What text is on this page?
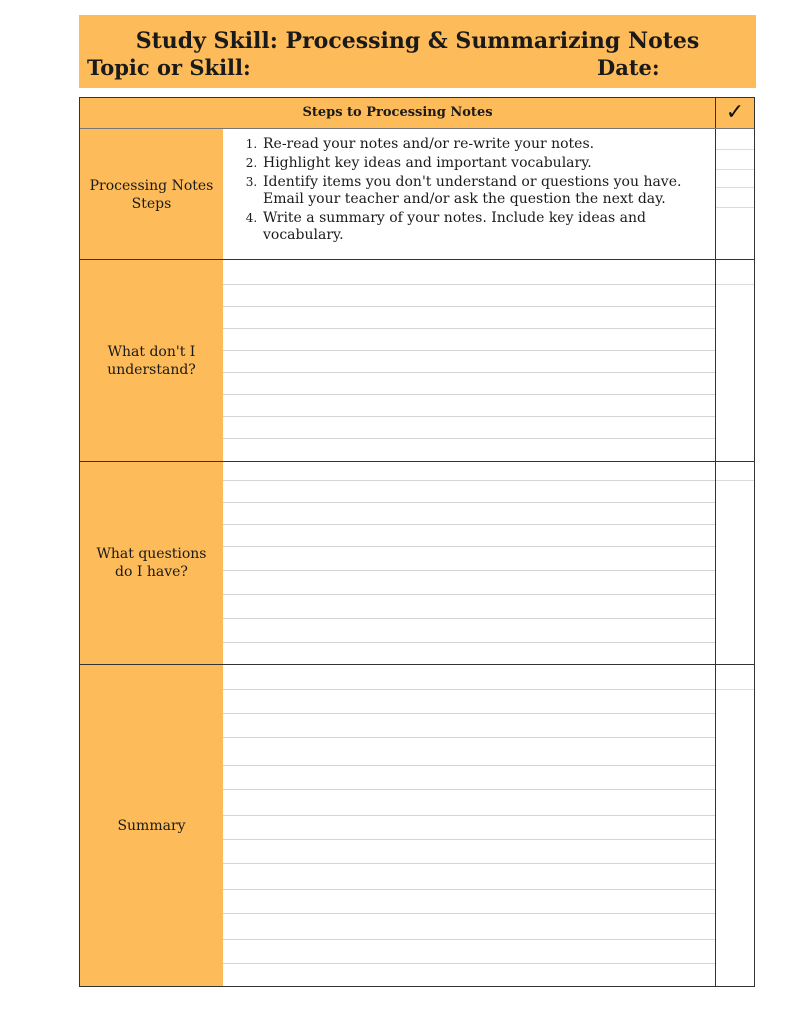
Study Skill: Processing & Summarizing Notes
Topic or Skill:	Date:
Steps to Processing Notes	✓
Processing Notes Steps
1. Re-read your notes and/or re-write your notes.
2. Highlight key ideas and important vocabulary.
3. Identify items you don't understand or questions you have. Email your teacher and/or ask the question the next day.
4. Write a summary of your notes. Include key ideas and vocabulary.
What don't I understand?
What questions do I have?
Summary
